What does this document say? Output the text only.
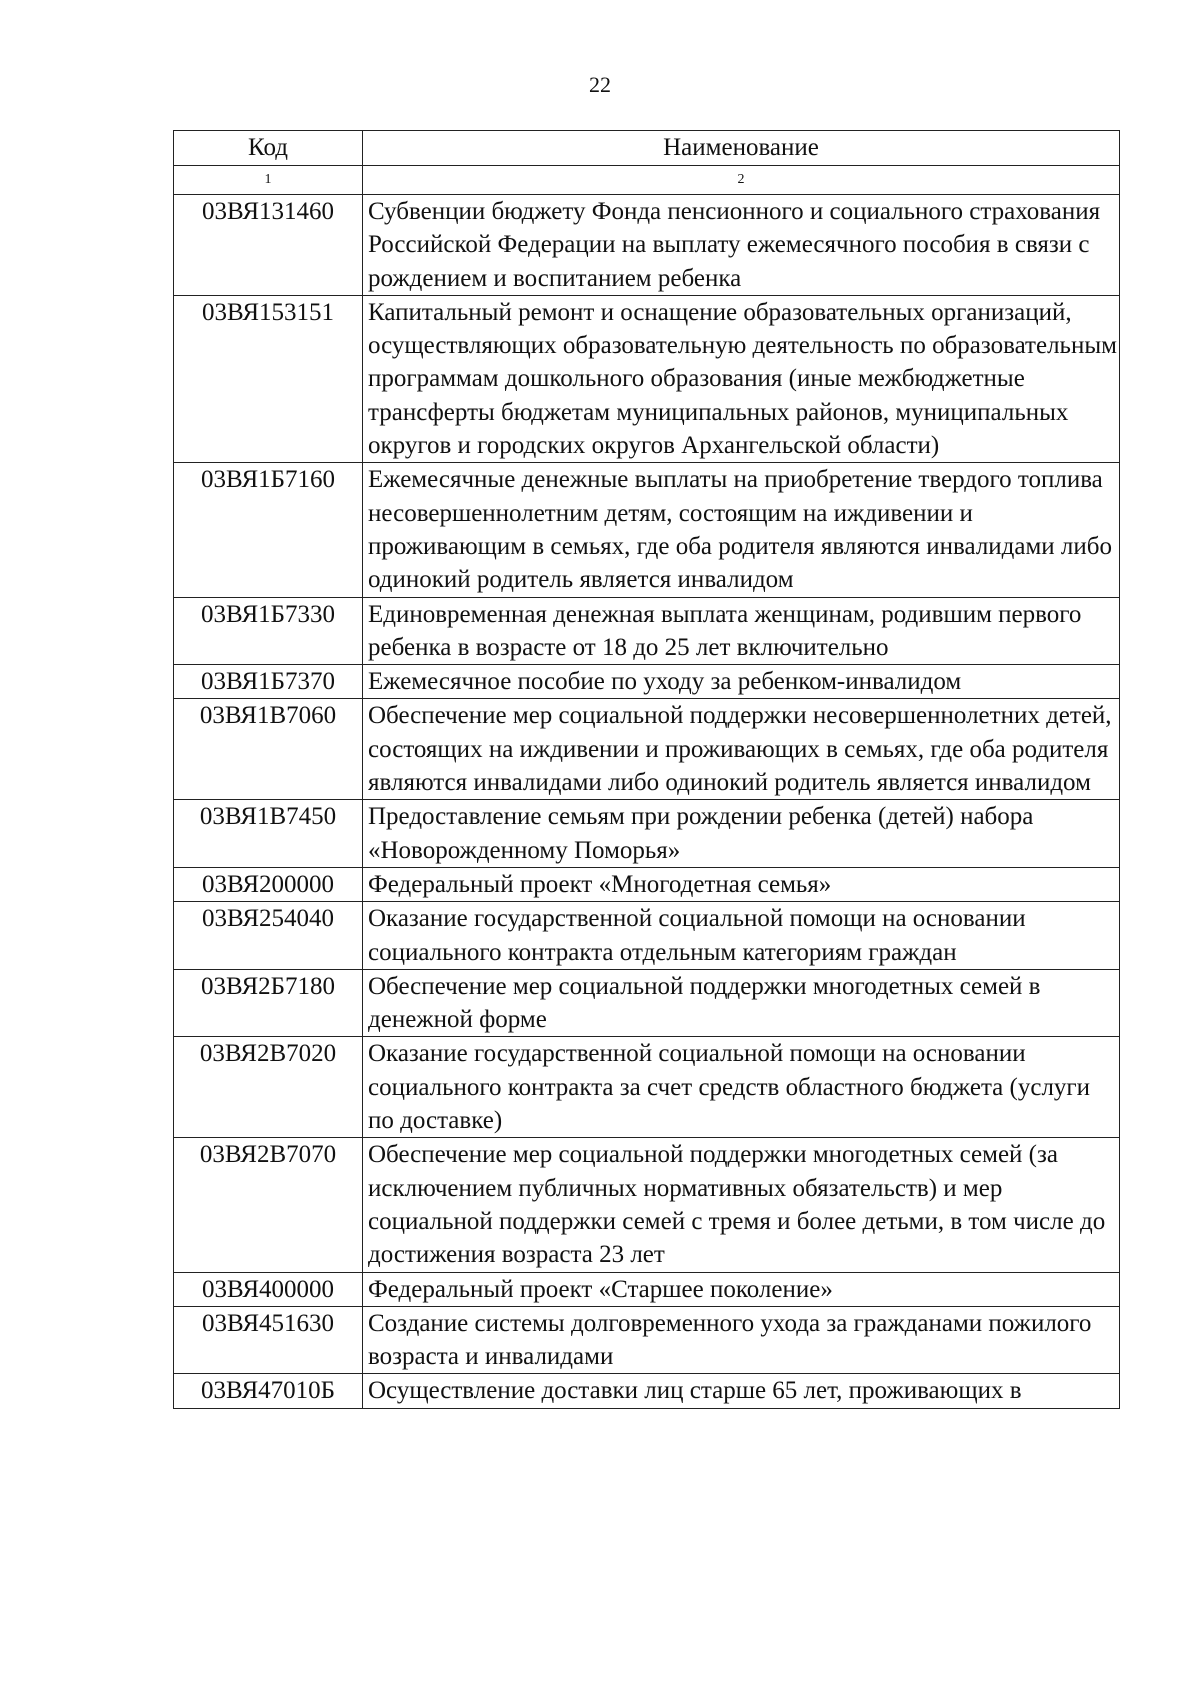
22
Код	Наименование
1	2
03ВЯ131460	Субвенции бюджету Фонда пенсионного и социального страхования Российской Федерации на выплату ежемесячного пособия в связи с рождением и воспитанием ребенка
03ВЯ153151	Капитальный ремонт и оснащение образовательных организаций, осуществляющих образовательную деятельность по образовательным программам дошкольного образования (иные межбюджетные трансферты бюджетам муниципальных районов, муниципальных округов и городских округов Архангельской области)
03ВЯ1Б7160	Ежемесячные денежные выплаты на приобретение твердого топлива несовершеннолетним детям, состоящим на иждивении и проживающим в семьях, где оба родителя являются инвалидами либо одинокий родитель является инвалидом
03ВЯ1Б7330	Единовременная денежная выплата женщинам, родившим первого ребенка в возрасте от 18 до 25 лет включительно
03ВЯ1Б7370	Ежемесячное пособие по уходу за ребенком-инвалидом
03ВЯ1В7060	Обеспечение мер социальной поддержки несовершеннолетних детей, состоящих на иждивении и проживающих в семьях, где оба родителя являются инвалидами либо одинокий родитель является инвалидом
03ВЯ1В7450	Предоставление семьям при рождении ребенка (детей) набора «Новорожденному Поморья»
03ВЯ200000	Федеральный проект «Многодетная семья»
03ВЯ254040	Оказание государственной социальной помощи на основании социального контракта отдельным категориям граждан
03ВЯ2Б7180	Обеспечение мер социальной поддержки многодетных семей в денежной форме
03ВЯ2В7020	Оказание государственной социальной помощи на основании социального контракта за счет средств областного бюджета (услуги по доставке)
03ВЯ2В7070	Обеспечение мер социальной поддержки многодетных семей (за исключением публичных нормативных обязательств) и мер социальной поддержки семей с тремя и более детьми, в том числе до достижения возраста 23 лет
03ВЯ400000	Федеральный проект «Старшее поколение»
03ВЯ451630	Создание системы долговременного ухода за гражданами пожилого возраста и инвалидами
03ВЯ47010Б	Осуществление доставки лиц старше 65 лет, проживающих в
